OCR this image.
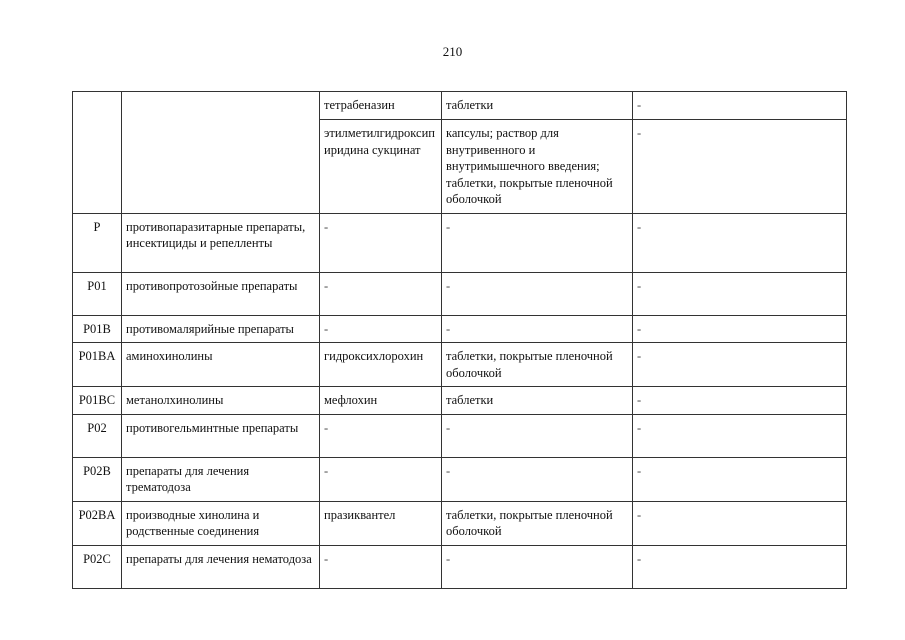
210
		тетрабеназин	таблетки	-
		этилметилгидроксипиридина сукцинат	капсулы; раствор для внутривенного и внутримышечного введения; таблетки, покрытые пленочной оболочкой	-
P	противопаразитарные препараты, инсектициды и репелленты	-	-	-
P01	противопротозойные препараты	-	-	-
P01B	противомалярийные препараты	-	-	-
P01BA	аминохинолины	гидроксихлорохин	таблетки, покрытые пленочной оболочкой	-
P01BC	метанолхинолины	мефлохин	таблетки	-
P02	противогельминтные препараты	-	-	-
P02B	препараты для лечения трематодоза	-	-	-
P02BA	производные хинолина и родственные соединения	празиквантел	таблетки, покрытые пленочной оболочкой	-
P02C	препараты для лечения нематодоза	-	-	-
